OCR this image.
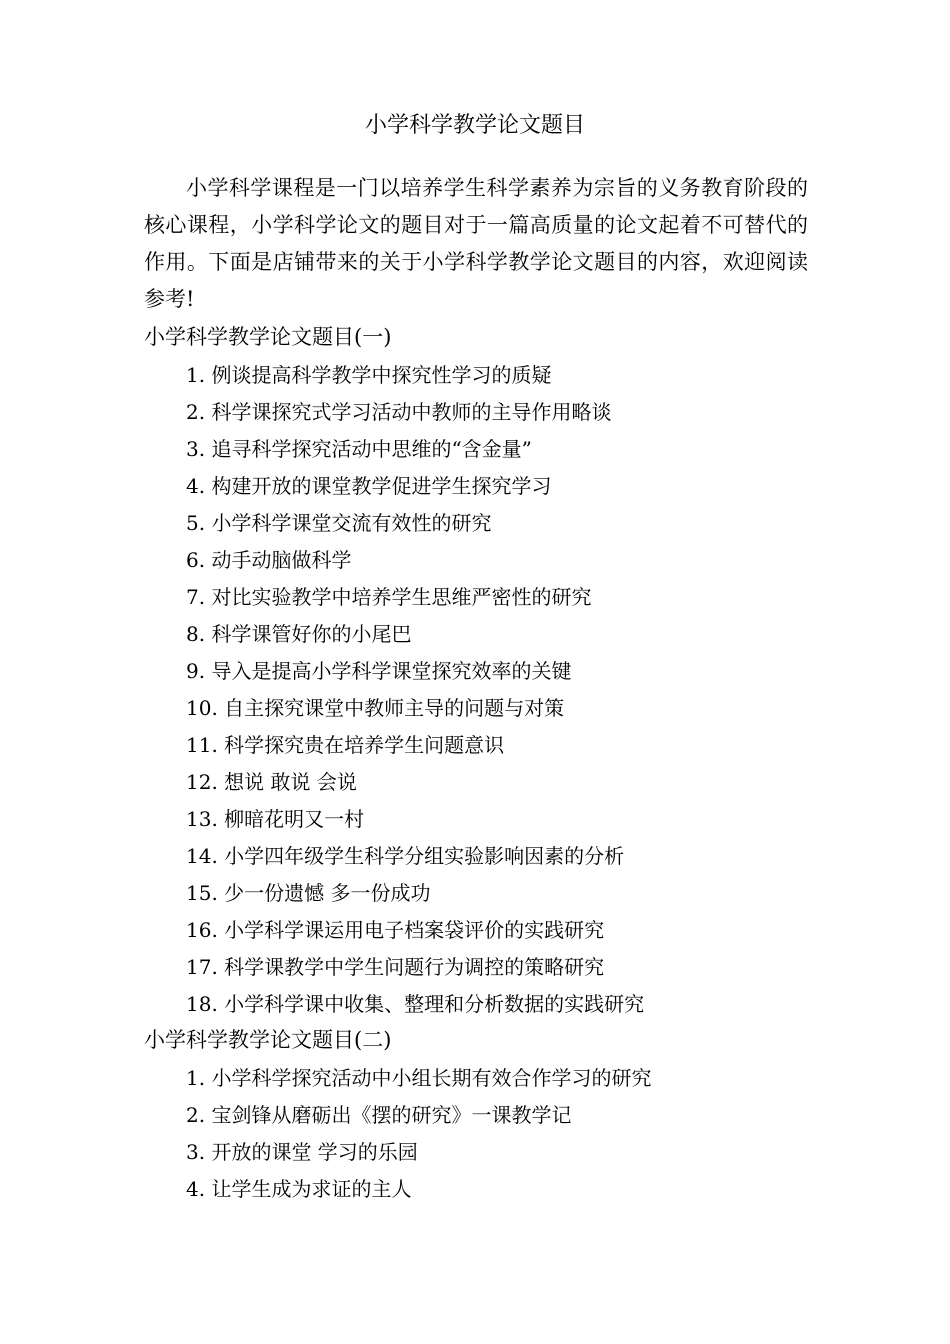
小学科学教学论文题目

小学科学课程是一门以培养学生科学素养为宗旨的义务教育阶段的核心课程，小学科学论文的题目对于一篇高质量的论文起着不可替代的作用。下面是店铺带来的关于小学科学教学论文题目的内容，欢迎阅读参考!

小学科学教学论文题目(一)

1. 例谈提高科学教学中探究性学习的质疑
2. 科学课探究式学习活动中教师的主导作用略谈
3. 追寻科学探究活动中思维的“含金量”
4. 构建开放的课堂教学促进学生探究学习
5. 小学科学课堂交流有效性的研究
6. 动手动脑做科学
7. 对比实验教学中培养学生思维严密性的研究
8. 科学课管好你的小尾巴
9. 导入是提高小学科学课堂探究效率的关键
10. 自主探究课堂中教师主导的问题与对策
11. 科学探究贵在培养学生问题意识
12. 想说 敢说 会说
13. 柳暗花明又一村
14. 小学四年级学生科学分组实验影响因素的分析
15. 少一份遗憾 多一份成功
16. 小学科学课运用电子档案袋评价的实践研究
17. 科学课教学中学生问题行为调控的策略研究
18. 小学科学课中收集、整理和分析数据的实践研究

小学科学教学论文题目(二)

1. 小学科学探究活动中小组长期有效合作学习的研究
2. 宝剑锋从磨砺出《摆的研究》一课教学记
3. 开放的课堂 学习的乐园
4. 让学生成为求证的主人
